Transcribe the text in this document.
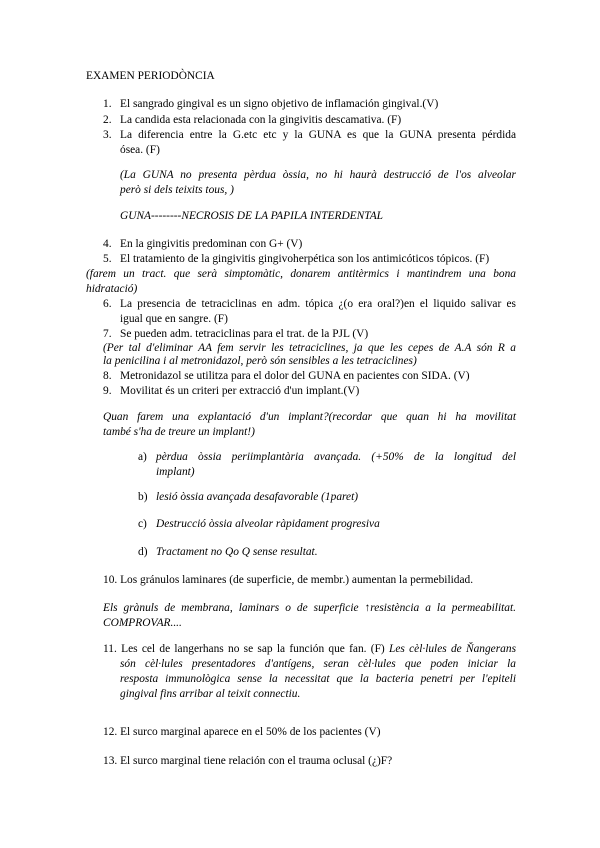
EXAMEN PERIODÒNCIA
1. El sangrado gingival es un signo objetivo de inflamación gingival.(V)
2. La candida esta relacionada con la gingivitis descamativa. (F)
3. La diferencia entre la G.etc etc y la GUNA es que la GUNA presenta pérdida
ósea. (F)
(La GUNA no presenta pèrdua òssia, no hi haurà destrucció de l'os alveolar
però si dels teixits tous, )
GUNA--------NECROSIS DE LA PAPILA INTERDENTAL
4. En la gingivitis predominan con G+ (V)
5. El tratamiento de la gingivitis gingivoherpética son los antimicóticos tópicos. (F)
(farem un tract. que serà simptomàtic, donarem antitèrmics i mantindrem una bona
hidratació)
6. La presencia de tetraciclinas en adm. tópica ¿(o era oral?)en el liquido salivar es
igual que en sangre. (F)
7. Se pueden adm. tetraciclinas para el trat. de la PJL (V)
(Per tal d'eliminar AA fem servir les tetraciclines, ja que les cepes de A.A són R a
la penicilina i al metronidazol, però són sensibles a les tetraciclines)
8. Metronidazol se utilitza para el dolor del GUNA en pacientes con SIDA. (V)
9. Movilitat és un criteri per extracció d'un implant.(V)
Quan farem una explantació d'un implant?(recordar que quan hi ha movilitat
també s'ha de treure un implant!)
a) pèrdua òssia periimplantària avançada. (+50% de la longitud del
implant)
b) lesió òssia avançada desafavorable (1paret)
c) Destrucció òssia alveolar ràpidament progresiva
d) Tractament no Qo Q sense resultat.
10. Los gránulos laminares (de superficie, de membr.) aumentan la permebilidad.
Els grànuls de membrana, laminars o de superficie ↑resistència a la permeabilitat.
COMPROVAR....
11. Les cel de langerhans no se sap la función que fan. (F) Les cèl·lules de Ňangerans
són cèl·lules presentadores d'antígens, seran cèl·lules que poden iniciar la
resposta immunològica sense la necessitat que la bacteria penetri per l'epiteli
gingival fins arribar al teixit connectiu.
12. El surco marginal aparece en el 50% de los pacientes (V)
13. El surco marginal tiene relación con el trauma oclusal (¿)F?
